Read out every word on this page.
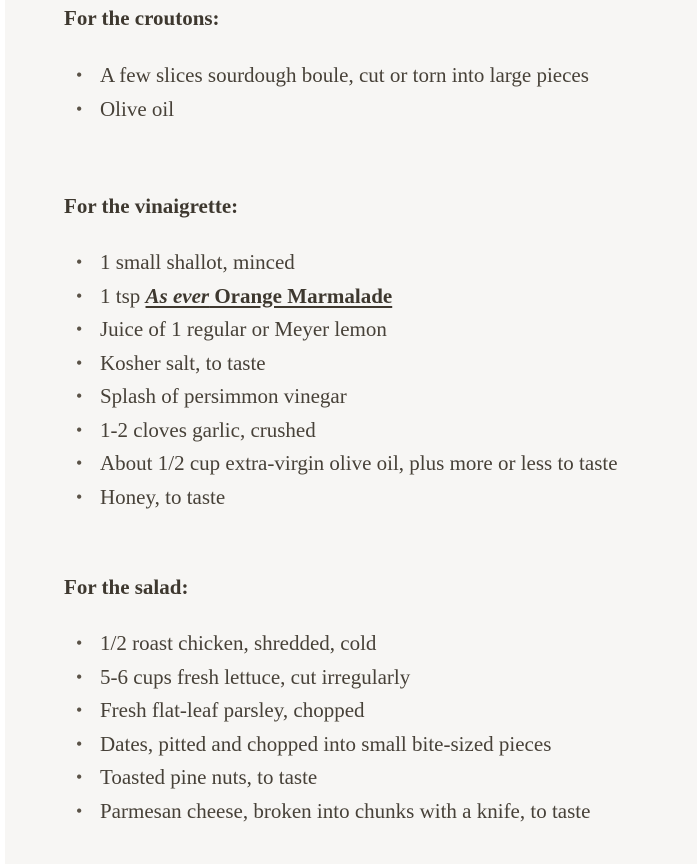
For the croutons:
• A few slices sourdough boule, cut or torn into large pieces
• Olive oil
For the vinaigrette:
• 1 small shallot, minced
• 1 tsp As ever Orange Marmalade
• Juice of 1 regular or Meyer lemon
• Kosher salt, to taste
• Splash of persimmon vinegar
• 1-2 cloves garlic, crushed
• About 1/2 cup extra-virgin olive oil, plus more or less to taste
• Honey, to taste
For the salad:
• 1/2 roast chicken, shredded, cold
• 5-6 cups fresh lettuce, cut irregularly
• Fresh flat-leaf parsley, chopped
• Dates, pitted and chopped into small bite-sized pieces
• Toasted pine nuts, to taste
• Parmesan cheese, broken into chunks with a knife, to taste
